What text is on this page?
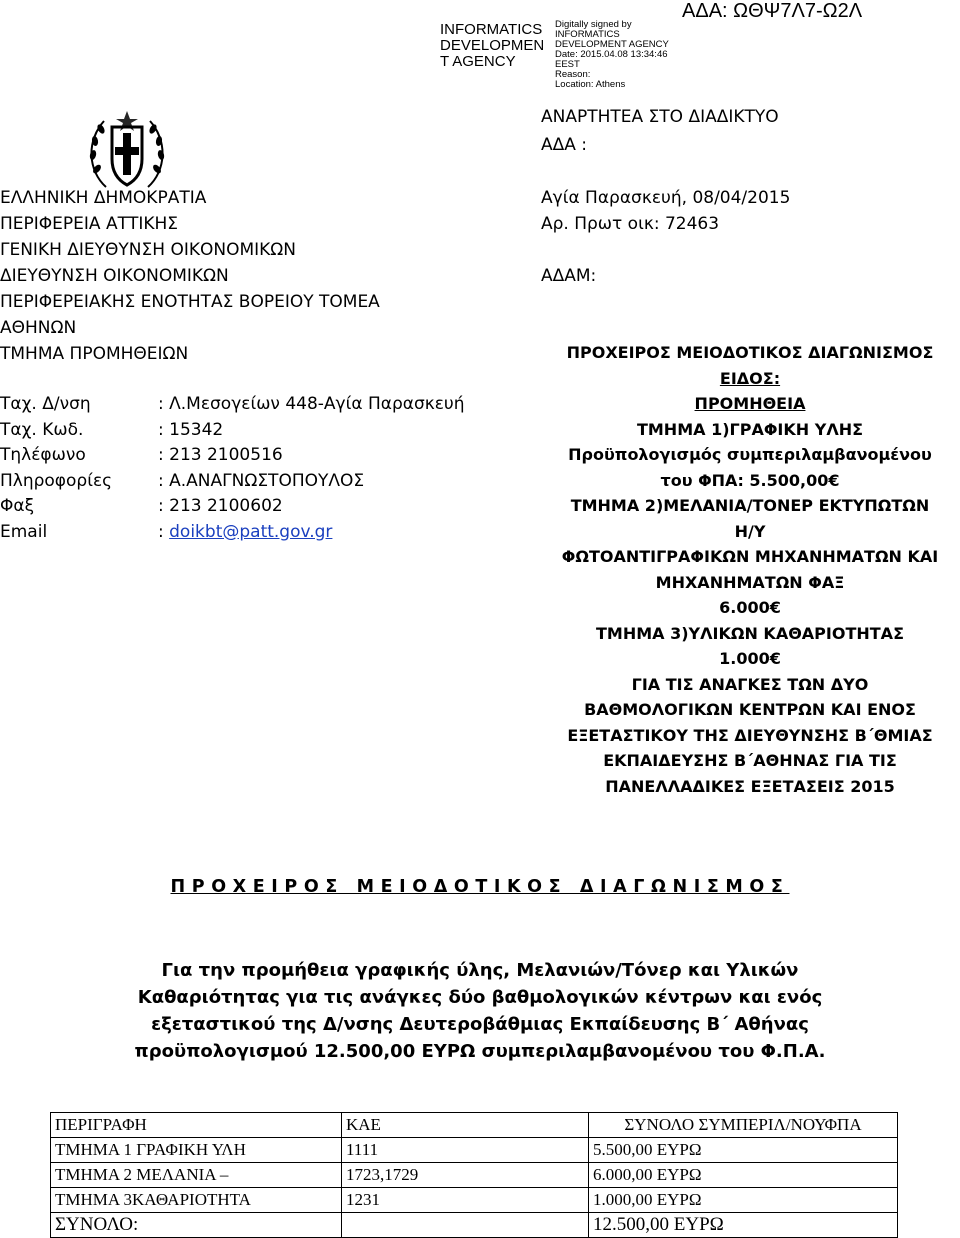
INFORMATICS
DEVELOPMEN
T AGENCY
Digitally signed by
INFORMATICS
DEVELOPMENT AGENCY
Date: 2015.04.08 13:34:46
EEST
Reason:
Location: Athens
ΑΔΑ: ΩΘΨ7Λ7-Ω2Λ
ΑΝΑΡΤΗΤΕΑ ΣΤΟ ΔΙΑΔΙΚΤΥΟ
ΑΔΑ :
ΕΛΛΗΝΙΚΗ ΔΗΜΟΚΡΑΤΙΑ
ΠΕΡΙΦΕΡΕΙΑ ΑΤΤΙΚΗΣ
ΓΕΝΙΚΗ ΔΙΕΥΘΥΝΣΗ ΟΙΚΟΝΟΜΙΚΩΝ
ΔΙΕΥΘΥΝΣΗ ΟΙΚΟΝΟΜΙΚΩΝ
ΠΕΡΙΦΕΡΕΙΑΚΗΣ ΕΝΟΤΗΤΑΣ ΒΟΡΕΙΟΥ ΤΟΜΕΑ
ΑΘΗΝΩΝ
ΤΜΗΜΑ ΠΡΟΜΗΘΕΙΩΝ
Αγία Παρασκευή, 08/04/2015
Αρ. Πρωτ οικ: 72463
ΑΔΑΜ:
Ταχ. Δ/νση	: Λ.Μεσογείων 448-Αγία Παρασκευή
Ταχ. Κωδ.	: 15342
Τηλέφωνο	: 213 2100516
Πληροφορίες	: Α.ΑΝΑΓΝΩΣΤΟΠΟΥΛΟΣ
Φαξ	: 213 2100602
Email	: doikbt@patt.gov.gr
ΠΡΟΧΕΙΡΟΣ ΜΕΙΟΔΟΤΙΚΟΣ ΔΙΑΓΩΝΙΣΜΟΣ
ΕΙΔΟΣ:
ΠΡΟΜΗΘΕΙΑ
ΤΜΗΜΑ 1)ΓΡΑΦΙΚΗ ΥΛΗΣ
Προϋπολογισμός συμπεριλαμβανομένου
του ΦΠΑ: 5.500,00€
ΤΜΗΜΑ 2)ΜΕΛΑΝΙΑ/ΤΟΝΕΡ ΕΚΤΥΠΩΤΩΝ
Η/Υ
ΦΩΤΟΑΝΤΙΓΡΑΦΙΚΩΝ ΜΗΧΑΝΗΜΑΤΩΝ ΚΑΙ
ΜΗΧΑΝΗΜΑΤΩΝ ΦΑΞ
6.000€
ΤΜΗΜΑ 3)ΥΛΙΚΩΝ ΚΑΘΑΡΙΟΤΗΤΑΣ
1.000€
ΓΙΑ ΤΙΣ ΑΝΑΓΚΕΣ ΤΩΝ ΔΥΟ
ΒΑΘΜΟΛΟΓΙΚΩΝ ΚΕΝΤΡΩΝ ΚΑΙ ΕΝΟΣ
ΕΞΕΤΑΣΤΙΚΟΥ ΤΗΣ ΔΙΕΥΘΥΝΣΗΣ Β΄ΘΜΙΑΣ
ΕΚΠΑΙΔΕΥΣΗΣ Β΄ΑΘΗΝΑΣ ΓΙΑ ΤΙΣ
ΠΑΝΕΛΛΑΔΙΚΕΣ ΕΞΕΤΑΣΕΙΣ 2015
ΠΡΟΧΕΙΡΟΣ ΜΕΙΟΔΟΤΙΚΟΣ ΔΙΑΓΩΝΙΣΜΟΣ
Για την προμήθεια γραφικής ύλης, Μελανιών/Τόνερ και Υλικών
Καθαριότητας για τις ανάγκες δύο βαθμολογικών κέντρων και ενός
εξεταστικού της Δ/νσης Δευτεροβάθμιας Εκπαίδευσης Β΄ Αθήνας
προϋπολογισμού 12.500,00 ΕΥΡΩ συμπεριλαμβανομένου του Φ.Π.Α.
ΠΕΡΙΓΡΑΦΗ	ΚΑΕ	ΣΥΝΟΛΟ ΣΥΜΠΕΡΙΛ/ΝΟΥΦΠΑ
ΤΜΗΜΑ 1 ΓΡΑΦΙΚΗ ΥΛΗ	1111	5.500,00 ΕΥΡΩ
ΤΜΗΜΑ 2 ΜΕΛΑΝΙΑ –	1723,1729	6.000,00 ΕΥΡΩ
ΤΜΗΜΑ 3ΚΑΘΑΡΙΟΤΗΤΑ	1231	1.000,00 ΕΥΡΩ
ΣΥΝΟΛΟ:		12.500,00 ΕΥΡΩ
